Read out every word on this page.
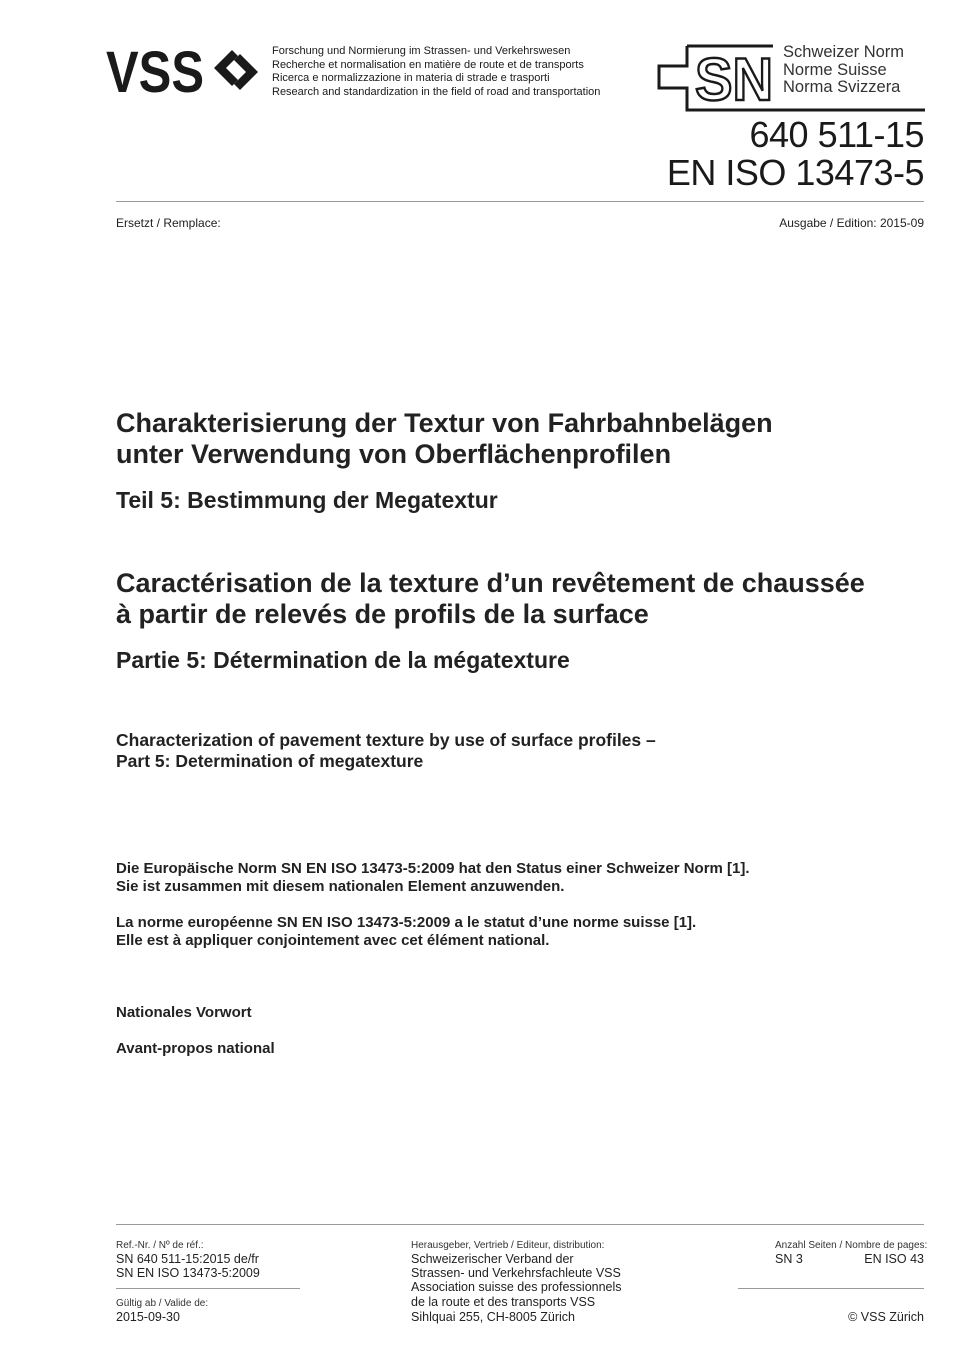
VSS	Forschung und Normierung im Strassen- und Verkehrswesen
Recherche et normalisation en matière de route et de transports
Ricerca e normalizzazione in materia di strade e trasporti
Research and standardization in the field of road and transportation SN Schweizer Norm
Norme Suisse
Norma Svizzera
640 511-15
EN ISO 13473-5
Ersetzt / Remplace:	Ausgabe / Edition: 2015-09
Charakterisierung der Textur von Fahrbahnbelägen
unter Verwendung von Oberflächenprofilen
Teil 5: Bestimmung der Megatextur
Caractérisation de la texture d’un revêtement de chaussée
à partir de relevés de profils de la surface
Partie 5: Détermination de la mégatexture
Characterization of pavement texture by use of surface profiles –
Part 5: Determination of megatexture
Die Europäische Norm SN EN ISO 13473-5:2009 hat den Status einer Schweizer Norm [1].
Sie ist zusammen mit diesem nationalen Element anzuwenden.
La norme européenne SN EN ISO 13473-5:2009 a le statut d’une norme suisse [1].
Elle est à appliquer conjointement avec cet élément national.
Nationales Vorwort
Avant-propos national
Ref.-Nr. / Nº de réf.:
SN 640 511-15:2015 de/fr
SN EN ISO 13473-5:2009
Gültig ab / Valide de:
2015-09-30
Herausgeber, Vertrieb / Editeur, distribution:
Schweizerischer Verband der
Strassen- und Verkehrsfachleute VSS
Association suisse des professionnels
de la route et des transports VSS
Sihlquai 255, CH-8005 Zürich
Anzahl Seiten / Nombre de pages:
SN 3	EN ISO 43
© VSS Zürich
